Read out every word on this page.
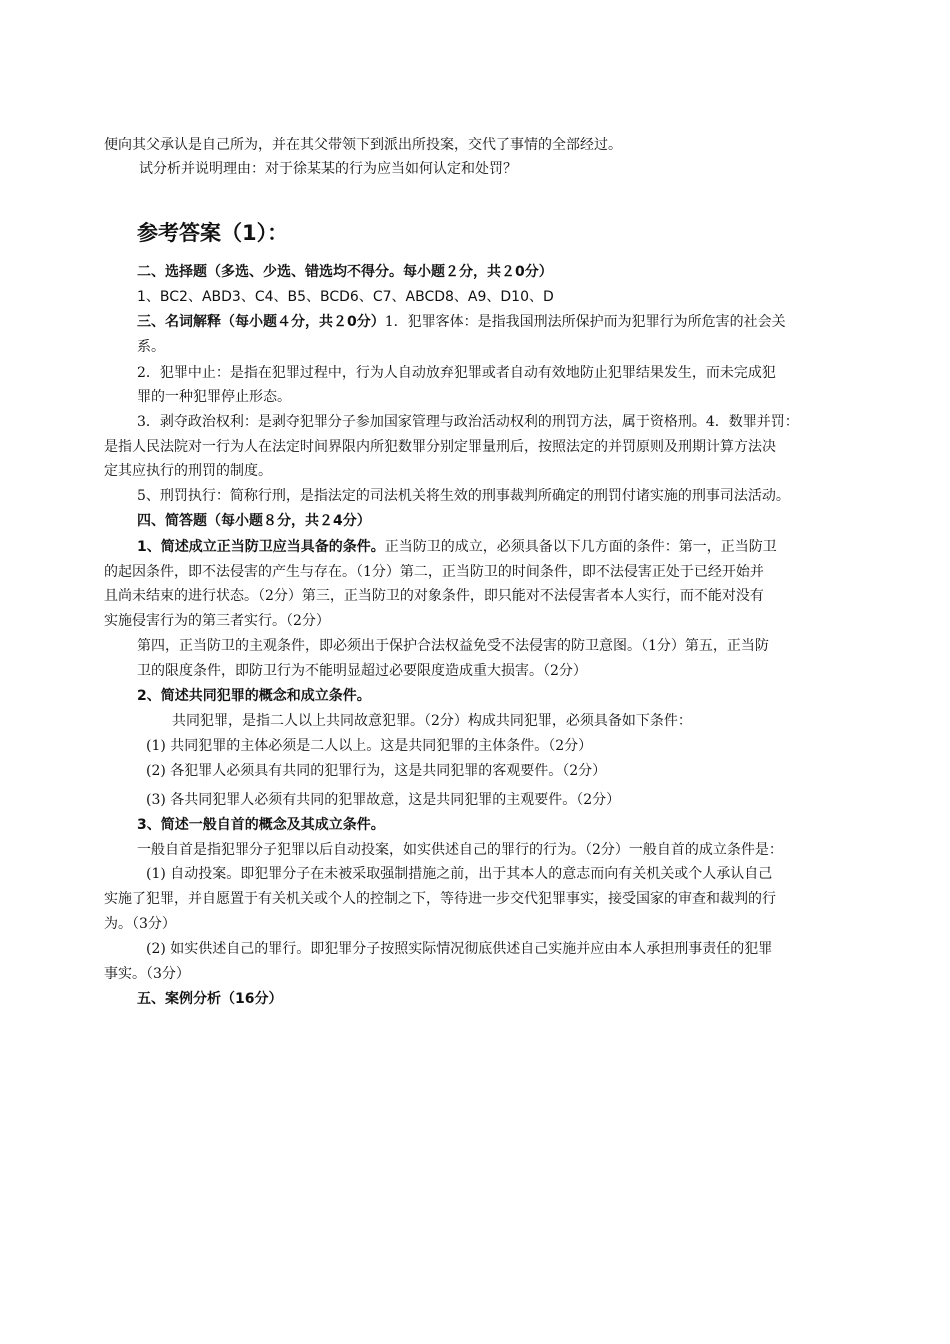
便向其父承认是自己所为，并在其父带领下到派出所投案，交代了事情的全部经过。
试分析并说明理由：对于徐某某的行为应当如何认定和处罚？
参考答案（1）：
二、选择题（多选、少选、错选均不得分。每小题２分，共２0分）
1、BC2、ABD3、C4、B5、BCD6、C7、ABCD8、A9、D10、D
三、名词解释（每小题４分，共２0分）1．犯罪客体：是指我国刑法所保护而为犯罪行为所危害的社会关
系。
2．犯罪中止：是指在犯罪过程中，行为人自动放弃犯罪或者自动有效地防止犯罪结果发生，而未完成犯
罪的一种犯罪停止形态。
3．剥夺政治权利：是剥夺犯罪分子参加国家管理与政治活动权利的刑罚方法，属于资格刑。4．数罪并罚：
是指人民法院对一行为人在法定时间界限内所犯数罪分别定罪量刑后，按照法定的并罚原则及刑期计算方法决
定其应执行的刑罚的制度。
5、刑罚执行：简称行刑，是指法定的司法机关将生效的刑事裁判所确定的刑罚付诸实施的刑事司法活动。
四、简答题（每小题８分，共２4分）
1、简述成立正当防卫应当具备的条件。正当防卫的成立，必须具备以下几方面的条件：第一，正当防卫
的起因条件，即不法侵害的产生与存在。（1分）第二，正当防卫的时间条件，即不法侵害正处于已经开始并
且尚未结束的进行状态。（2分）第三，正当防卫的对象条件，即只能对不法侵害者本人实行，而不能对没有
实施侵害行为的第三者实行。（2分）
第四，正当防卫的主观条件，即必须出于保护合法权益免受不法侵害的防卫意图。（1分）第五，正当防
卫的限度条件，即防卫行为不能明显超过必要限度造成重大损害。（2分）
2、简述共同犯罪的概念和成立条件。
共同犯罪，是指二人以上共同故意犯罪。（2分）构成共同犯罪，必须具备如下条件：
(1) 共同犯罪的主体必须是二人以上。这是共同犯罪的主体条件。（2分）
(2) 各犯罪人必须具有共同的犯罪行为，这是共同犯罪的客观要件。（2分）
(3) 各共同犯罪人必须有共同的犯罪故意，这是共同犯罪的主观要件。（2分）
3、简述一般自首的概念及其成立条件。
一般自首是指犯罪分子犯罪以后自动投案，如实供述自己的罪行的行为。（2分）一般自首的成立条件是：
(1) 自动投案。即犯罪分子在未被采取强制措施之前，出于其本人的意志而向有关机关或个人承认自己
实施了犯罪，并自愿置于有关机关或个人的控制之下，等待进一步交代犯罪事实，接受国家的审查和裁判的行
为。（3分）
(2) 如实供述自己的罪行。即犯罪分子按照实际情况彻底供述自己实施并应由本人承担刑事责任的犯罪
事实。（3分）
五、案例分析（16分）
